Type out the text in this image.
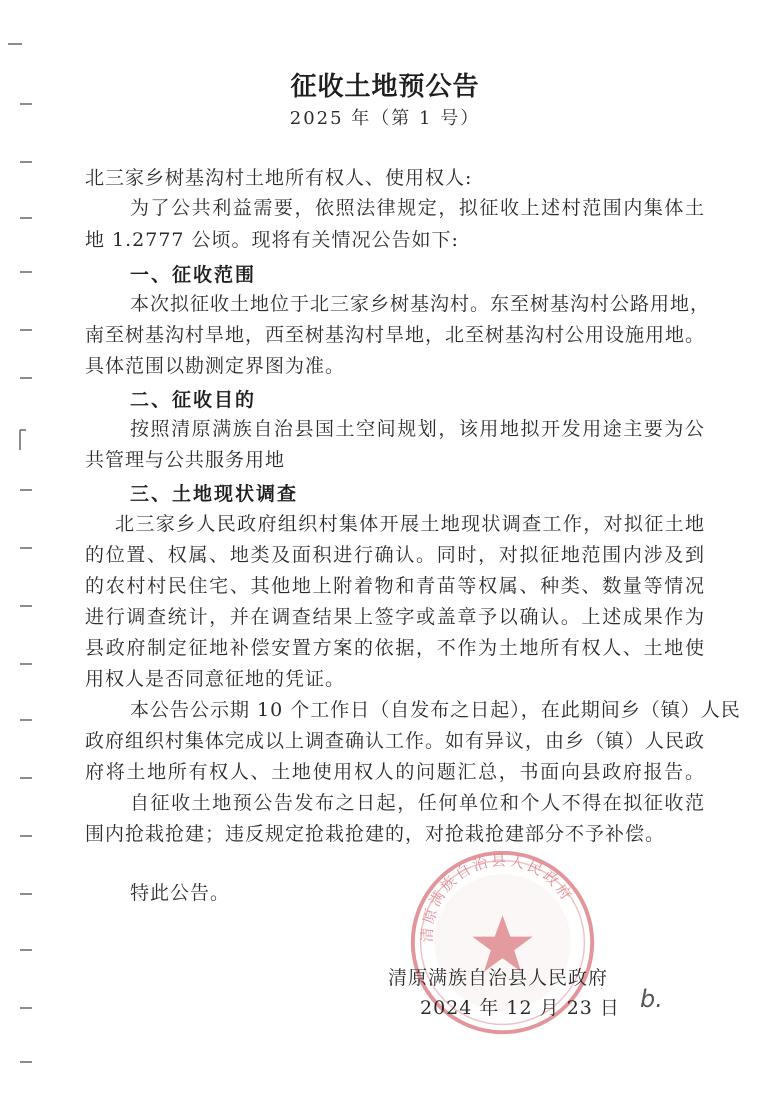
征收土地预公告
2025 年（第 1 号）
北三家乡树基沟村土地所有权人、使用权人:
为了公共利益需要，依照法律规定，拟征收上述村范围内集体土
地 1.2777 公顷。现将有关情况公告如下:
一、征收范围
本次拟征收土地位于北三家乡树基沟村。东至树基沟村公路用地，
南至树基沟村旱地，西至树基沟村旱地，北至树基沟村公用设施用地。
具体范围以勘测定界图为准。
二、征收目的
按照清原满族自治县国土空间规划，该用地拟开发用途主要为公
共管理与公共服务用地
三、土地现状调查
北三家乡人民政府组织村集体开展土地现状调查工作，对拟征土地
的位置、权属、地类及面积进行确认。同时，对拟征地范围内涉及到
的农村村民住宅、其他地上附着物和青苗等权属、种类、数量等情况
进行调查统计，并在调查结果上签字或盖章予以确认。上述成果作为
县政府制定征地补偿安置方案的依据，不作为土地所有权人、土地使
用权人是否同意征地的凭证。
本公告公示期 10 个工作日（自发布之日起），在此期间乡（镇）人民
政府组织村集体完成以上调查确认工作。如有异议，由乡（镇）人民政
府将土地所有权人、土地使用权人的问题汇总，书面向县政府报告。
自征收土地预公告发布之日起，任何单位和个人不得在拟征收范
围内抢栽抢建；违反规定抢栽抢建的，对抢栽抢建部分不予补偿。
特此公告。
清原满族自治县人民政府
清原满族自治县人民政府
2024 年 12 月 23 日 b.
